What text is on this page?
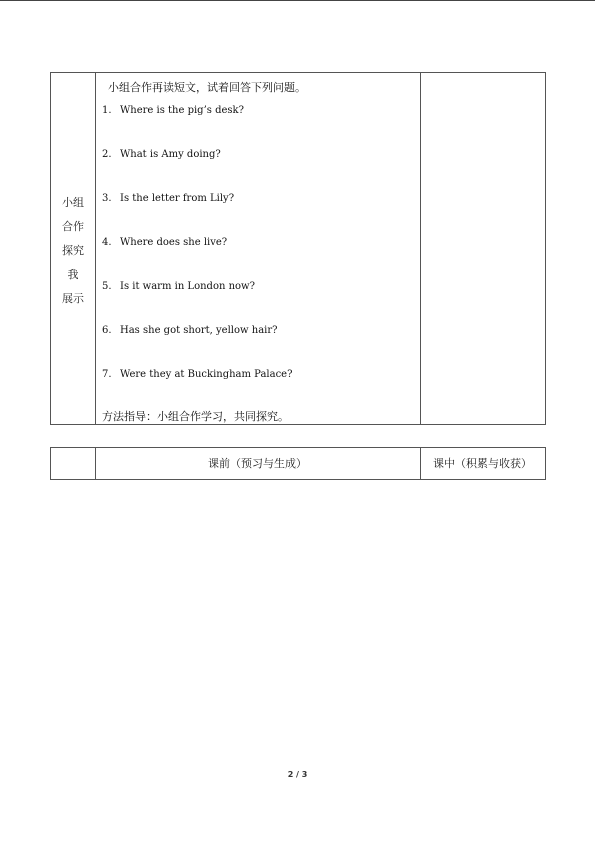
小组
合作
探究
我
展示
小组合作再读短文，试着回答下列问题。
1. Where is the pig’s desk?
2. What is Amy doing?
3. Is the letter from Lily?
4. Where does she live?
5. Is it warm in London now?
6. Has she got short, yellow hair?
7. Were they at Buckingham Palace?
方法指导：小组合作学习，共同探究。
课前（预习与生成）	课中（积累与收获）
2 / 3
